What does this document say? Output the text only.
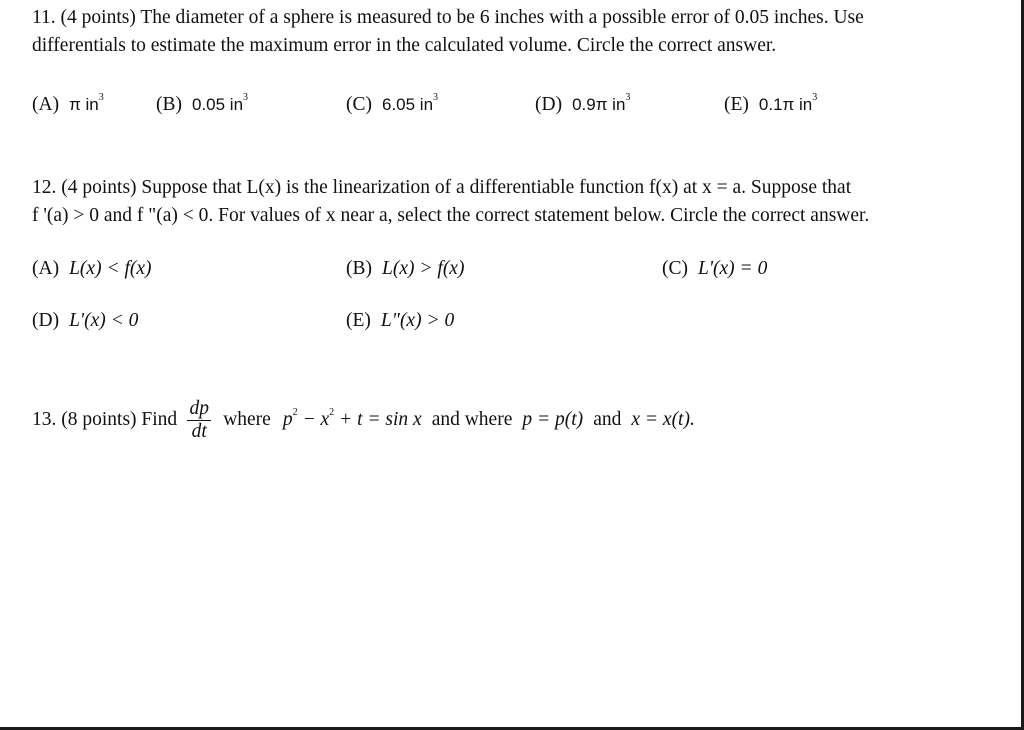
11. (4 points) The diameter of a sphere is measured to be 6 inches with a possible error of 0.05 inches. Use
differentials to estimate the maximum error in the calculated volume. Circle the correct answer.
(A) π $in^3$	(B) 0.05 $in^3$	(C) 6.05 $in^3$	(D) 0.9π $in^3$	(E) 0.1π $in^3$
12. (4 points) Suppose that L(x) is the linearization of a differentiable function f(x) at x = a. Suppose that
f '(a) > 0 and f "(a) < 0. For values of x near a, select the correct statement below. Circle the correct answer.
(A) L(x) < f(x)	(B) L(x) > f(x)	(C) L'(x) = 0
(D) L'(x) < 0	(E) L"(x) > 0
13. (8 points) Find $\frac{dp}{dt}$ where $p^2 - x^2 + t = \sin x$ and where p = p(t) and x = x(t).
